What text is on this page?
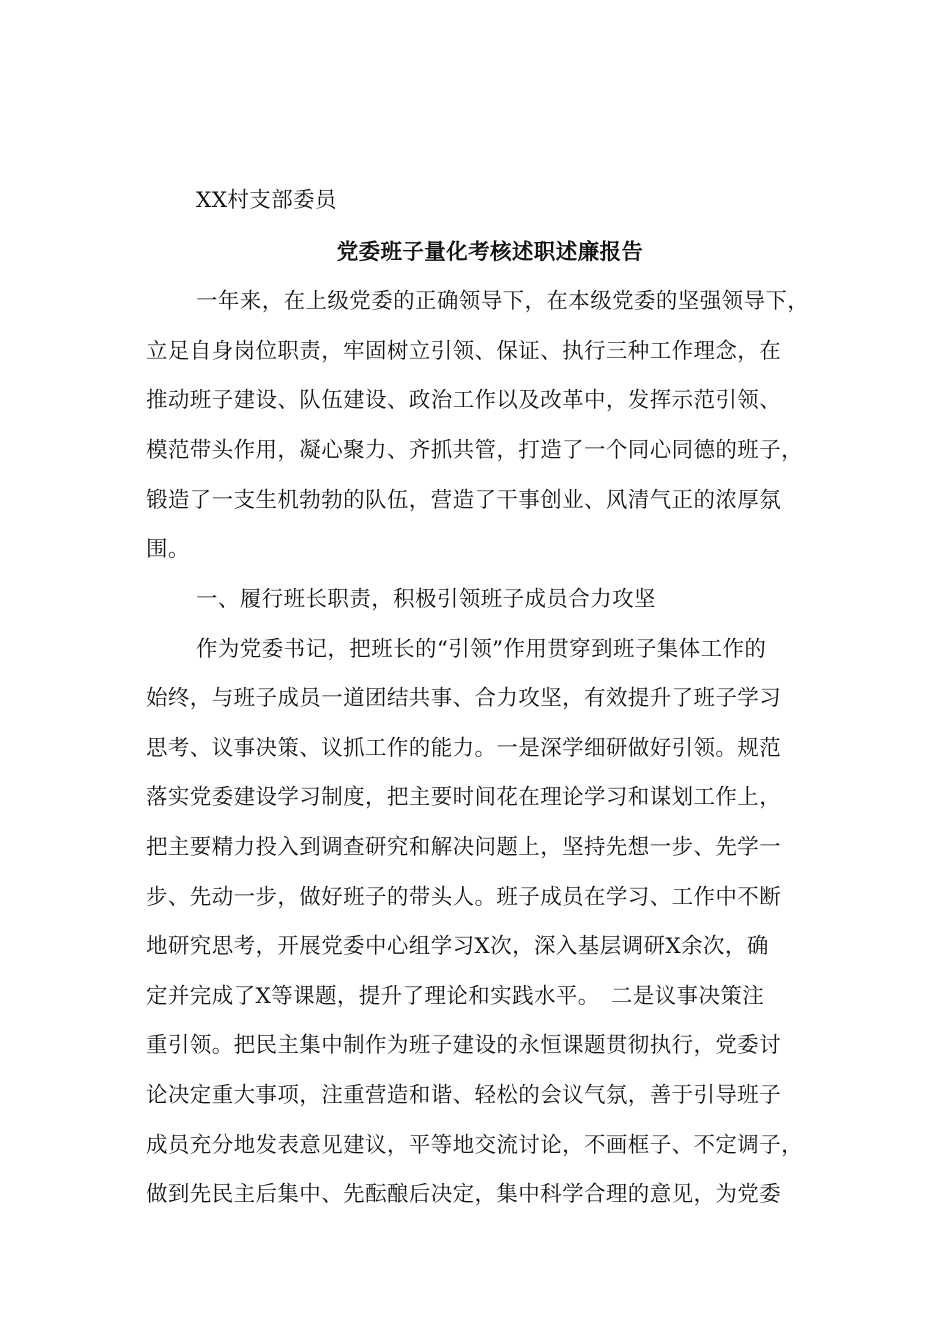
XX村支部委员
党委班子量化考核述职述廉报告
一年来，在上级党委的正确领导下，在本级党委的坚强领导下，
立足自身岗位职责，牢固树立引领、保证、执行三种工作理念，在
推动班子建设、队伍建设、政治工作以及改革中，发挥示范引领、
模范带头作用，凝心聚力、齐抓共管，打造了一个同心同德的班子，
锻造了一支生机勃勃的队伍，营造了干事创业、风清气正的浓厚氛
围。
一、履行班长职责，积极引领班子成员合力攻坚
作为党委书记，把班长的“引领”作用贯穿到班子集体工作的
始终，与班子成员一道团结共事、合力攻坚，有效提升了班子学习
思考、议事决策、议抓工作的能力。一是深学细研做好引领。规范
落实党委建设学习制度，把主要时间花在理论学习和谋划工作上，
把主要精力投入到调查研究和解决问题上，坚持先想一步、先学一
步、先动一步，做好班子的带头人。班子成员在学习、工作中不断
地研究思考，开展党委中心组学习X次，深入基层调研X余次，确
定并完成了X等课题，提升了理论和实践水平。　二是议事决策注
重引领。把民主集中制作为班子建设的永恒课题贯彻执行，党委讨
论决定重大事项，注重营造和谐、轻松的会议气氛，善于引导班子
成员充分地发表意见建议，平等地交流讨论，不画框子、不定调子，
做到先民主后集中、先酝酿后决定，集中科学合理的意见，为党委
